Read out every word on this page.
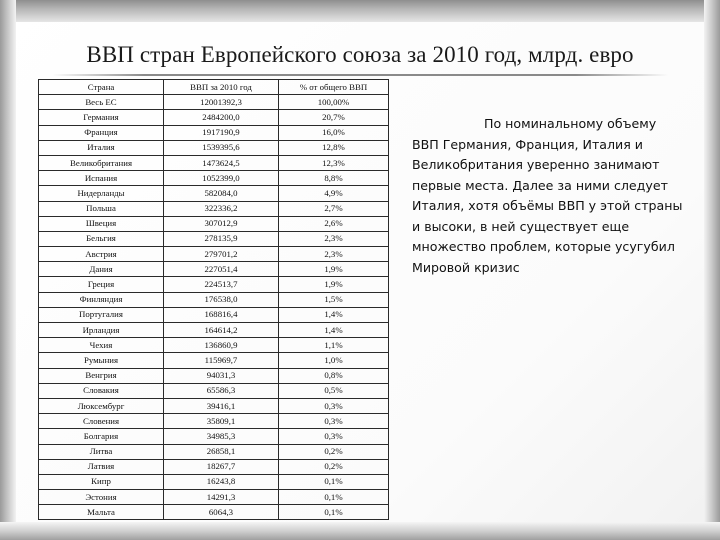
ВВП стран Европейского союза за 2010 год, млрд. евро
Страна	ВВП за 2010 год	% от общего ВВП
Весь ЕС	12001392,3	100,00%
Германия	2484200,0	20,7%
Франция	1917190,9	16,0%
Италия	1539395,6	12,8%
Великобритания	1473624,5	12,3%
Испания	1052399,0	8,8%
Нидерланды	582084,0	4,9%
Польша	322336,2	2,7%
Швеция	307012,9	2,6%
Бельгия	278135,9	2,3%
Австрия	279701,2	2,3%
Дания	227051,4	1,9%
Греция	224513,7	1,9%
Финляндия	176538,0	1,5%
Португалия	168816,4	1,4%
Ирландия	164614,2	1,4%
Чехия	136860,9	1,1%
Румыния	115969,7	1,0%
Венгрия	94031,3	0,8%
Словакия	65586,3	0,5%
Люксембург	39416,1	0,3%
Словения	35809,1	0,3%
Болгария	34985,3	0,3%
Литва	26858,1	0,2%
Латвия	18267,7	0,2%
Кипр	16243,8	0,1%
Эстония	14291,3	0,1%
Мальта	6064,3	0,1%
По номинальному объему ВВП Германия, Франция, Италия и Великобритания уверенно занимают первые места. Далее за ними следует Италия, хотя объёмы ВВП у этой страны и высоки, в ней существует еще множество проблем, которые усугубил Мировой кризис
